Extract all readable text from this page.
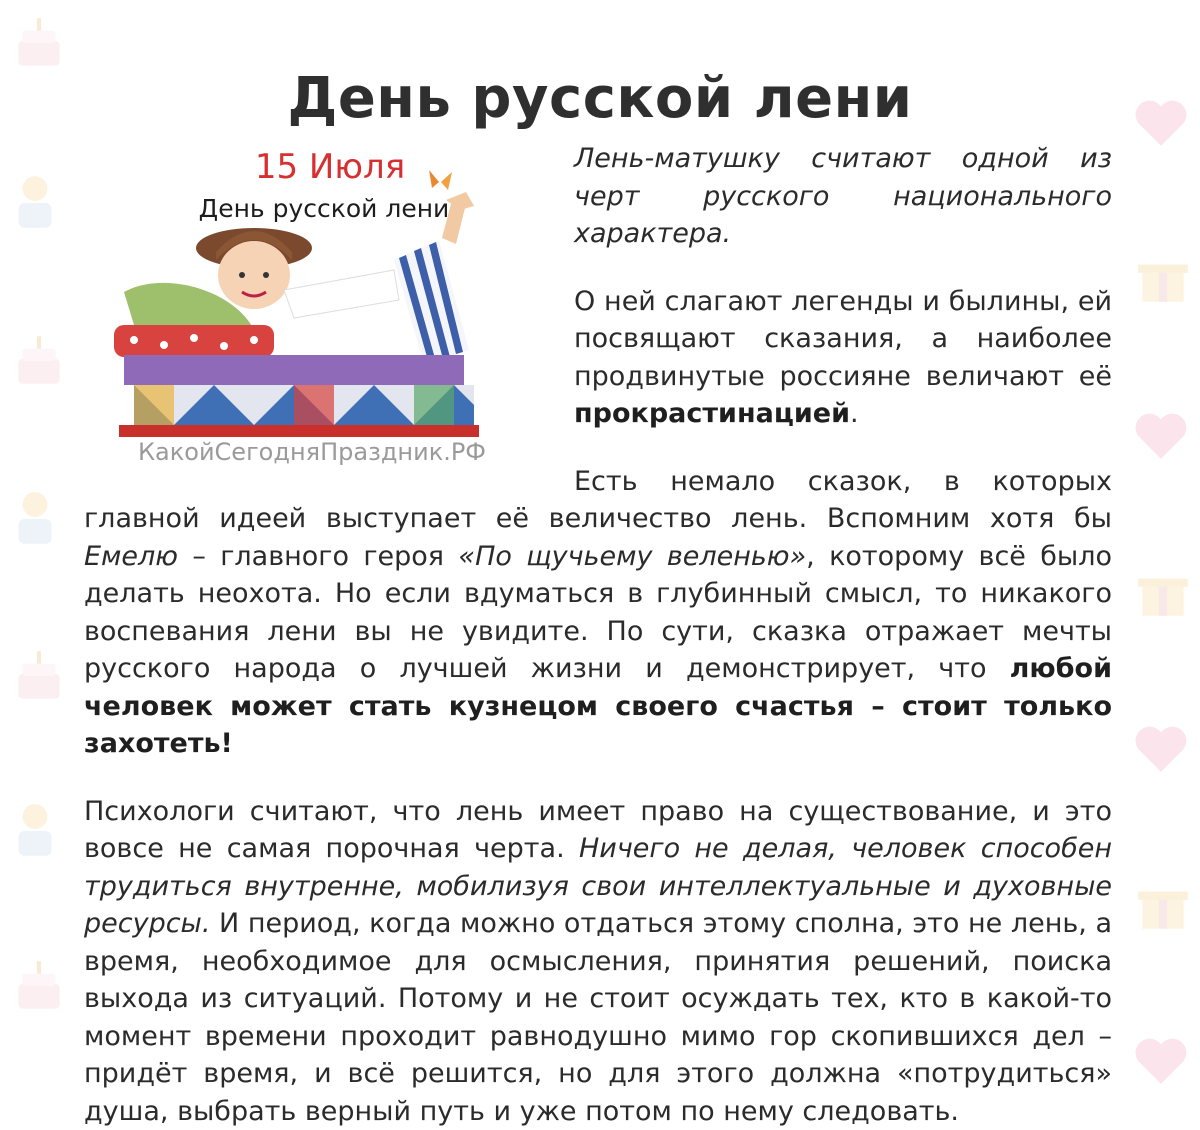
День русской лени
15 Июля
День русской лени
КакойСегодняПраздник.РФ

Лень-матушку считают одной из черт русского национального характера.

О ней слагают легенды и былины, ей посвящают сказания, а наиболее продвинутые россияне величают её прокрастинацией.

Есть немало сказок, в которых главной идеей выступает её величество лень. Вспомним хотя бы Емелю – главного героя «По щучьему веленью», которому всё было делать неохота. Но если вдуматься в глубинный смысл, то никакого воспевания лени вы не увидите. По сути, сказка отражает мечты русского народа о лучшей жизни и демонстрирует, что любой человек может стать кузнецом своего счастья – стоит только захотеть!

Психологи считают, что лень имеет право на существование, и это вовсе не самая порочная черта. Ничего не делая, человек способен трудиться внутренне, мобилизуя свои интеллектуальные и духовные ресурсы. И период, когда можно отдаться этому сполна, это не лень, а время, необходимое для осмысления, принятия решений, поиска выхода из ситуаций. Потому и не стоит осуждать тех, кто в какой-то момент времени проходит равнодушно мимо гор скопившихся дел – придёт время, и всё решится, но для этого должна «потрудиться» душа, выбрать верный путь и уже потом по нему следовать.
